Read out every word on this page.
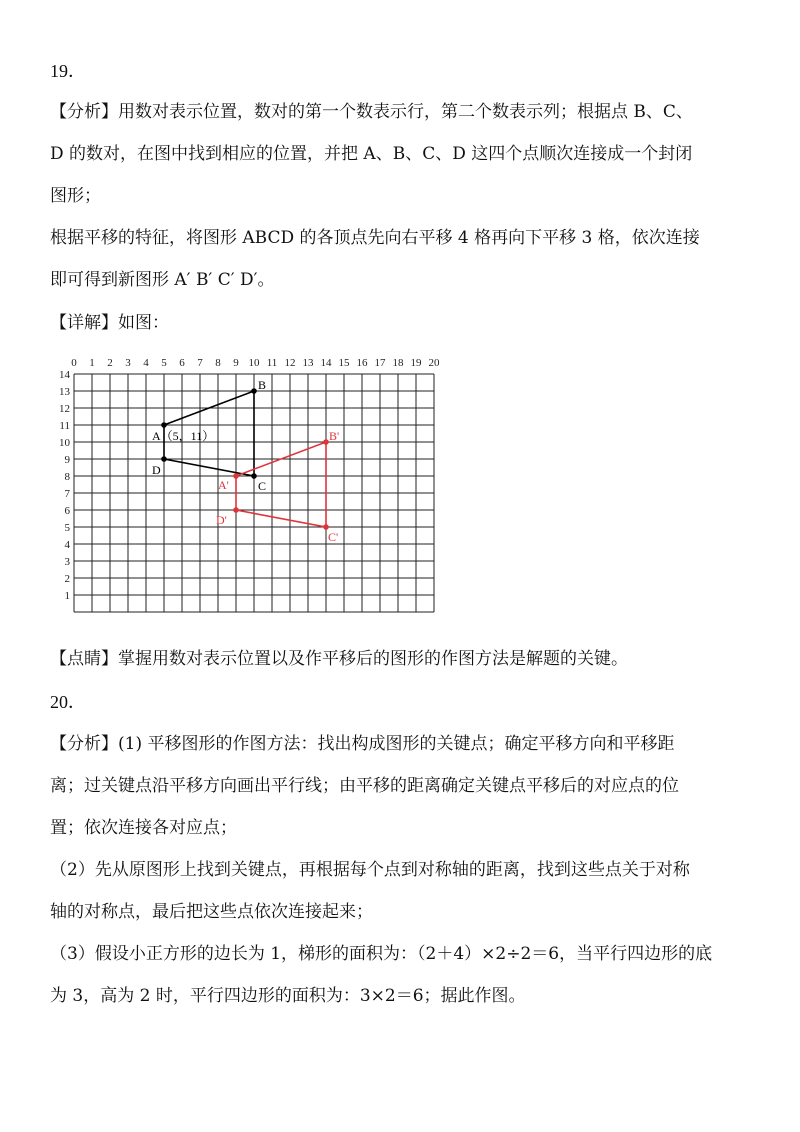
19．
【分析】用数对表示位置，数对的第一个数表示行，第二个数表示列；根据点 B、C、
D 的数对，在图中找到相应的位置，并把 A、B、C、D 这四个点顺次连接成一个封闭
图形；
根据平移的特征，将图形 ABCD 的各顶点先向右平移 4 格再向下平移 3 格，依次连接
即可得到新图形 A′ B′ C′ D′。
【详解】如图：
0 1 2 3 4 5 6 7 8 9 10 11 12 13 14 15 16 17 18 19 20
14
13
12
11
10
9
8
7
6
5
4
3
2
1
A（5，11）
B
C
D
A'
B'
C'
D'
【点睛】掌握用数对表示位置以及作平移后的图形的作图方法是解题的关键。
20．
【分析】(1) 平移图形的作图方法：找出构成图形的关键点；确定平移方向和平移距
离；过关键点沿平移方向画出平行线；由平移的距离确定关键点平移后的对应点的位
置；依次连接各对应点；
（2）先从原图形上找到关键点，再根据每个点到对称轴的距离，找到这些点关于对称
轴的对称点，最后把这些点依次连接起来；
（3）假设小正方形的边长为 1，梯形的面积为：（2＋4）×2÷2＝6，当平行四边形的底
为 3，高为 2 时，平行四边形的面积为：3×2＝6；据此作图。
